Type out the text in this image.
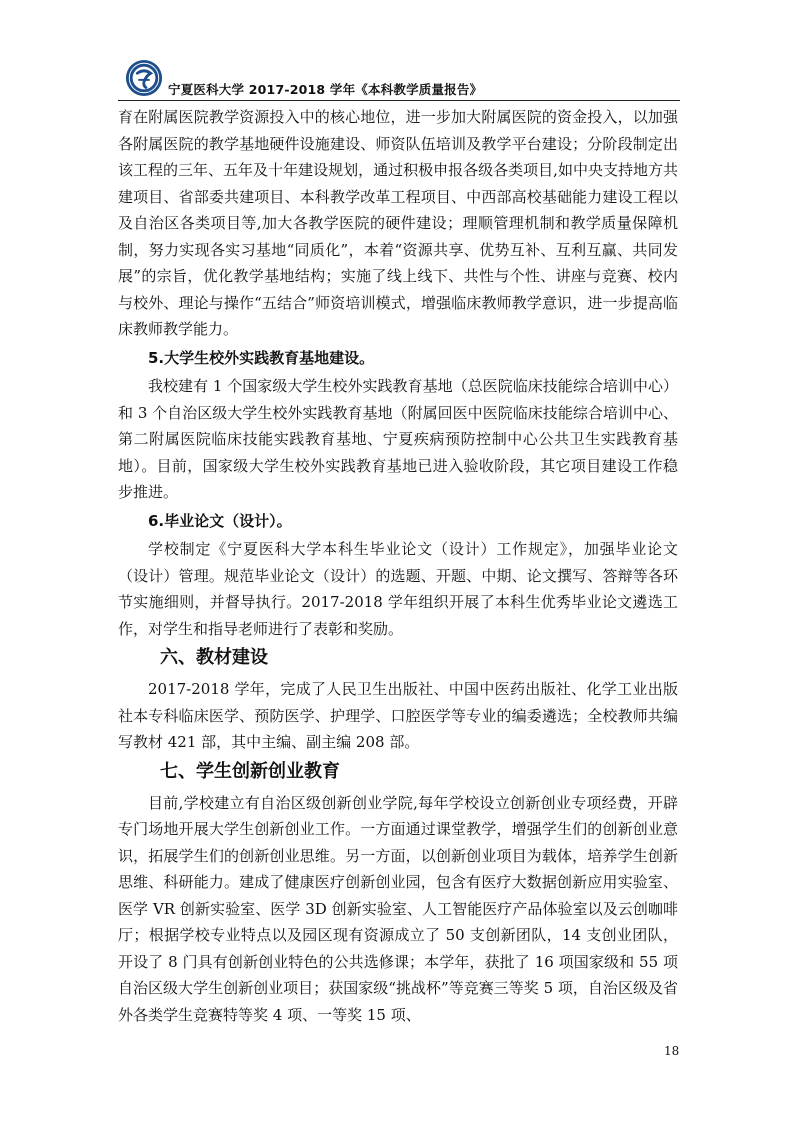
宁夏医科大学 2017-2018 学年《本科教学质量报告》

育在附属医院教学资源投入中的核心地位，进一步加大附属医院的资金投入，以加强各附属医院的教学基地硬件设施建设、师资队伍培训及教学平台建设；分阶段制定出该工程的三年、五年及十年建设规划，通过积极申报各级各类项目,如中央支持地方共建项目、省部委共建项目、本科教学改革工程项目、中西部高校基础能力建设工程以及自治区各类项目等,加大各教学医院的硬件建设；理顺管理机制和教学质量保障机制，努力实现各实习基地“同质化”，本着“资源共享、优势互补、互利互赢、共同发展”的宗旨，优化教学基地结构；实施了线上线下、共性与个性、讲座与竞赛、校内与校外、理论与操作“五结合”师资培训模式，增强临床教师教学意识，进一步提高临床教师教学能力。

5.大学生校外实践教育基地建设。

我校建有 1 个国家级大学生校外实践教育基地（总医院临床技能综合培训中心）和 3 个自治区级大学生校外实践教育基地（附属回医中医院临床技能综合培训中心、第二附属医院临床技能实践教育基地、宁夏疾病预防控制中心公共卫生实践教育基地）。目前，国家级大学生校外实践教育基地已进入验收阶段，其它项目建设工作稳步推进。

6.毕业论文（设计）。

学校制定《宁夏医科大学本科生毕业论文（设计）工作规定》，加强毕业论文（设计）管理。规范毕业论文（设计）的选题、开题、中期、论文撰写、答辩等各环节实施细则，并督导执行。2017-2018 学年组织开展了本科生优秀毕业论文遴选工作，对学生和指导老师进行了表彰和奖励。

六、教材建设

2017-2018 学年，完成了人民卫生出版社、中国中医药出版社、化学工业出版社本专科临床医学、预防医学、护理学、口腔医学等专业的编委遴选；全校教师共编写教材 421 部，其中主编、副主编 208 部。

七、学生创新创业教育

目前,学校建立有自治区级创新创业学院,每年学校设立创新创业专项经费，开辟专门场地开展大学生创新创业工作。一方面通过课堂教学，增强学生们的创新创业意识，拓展学生们的创新创业思维。另一方面，以创新创业项目为载体，培养学生创新思维、科研能力。建成了健康医疗创新创业园，包含有医疗大数据创新应用实验室、医学 VR 创新实验室、医学 3D 创新实验室、人工智能医疗产品体验室以及云创咖啡厅；根据学校专业特点以及园区现有资源成立了 50 支创新团队，14 支创业团队，开设了 8 门具有创新创业特色的公共选修课；本学年，获批了 16 项国家级和 55 项自治区级大学生创新创业项目；获国家级“挑战杯”等竞赛三等奖 5 项，自治区级及省外各类学生竞赛特等奖 4 项、一等奖 15 项、

18
